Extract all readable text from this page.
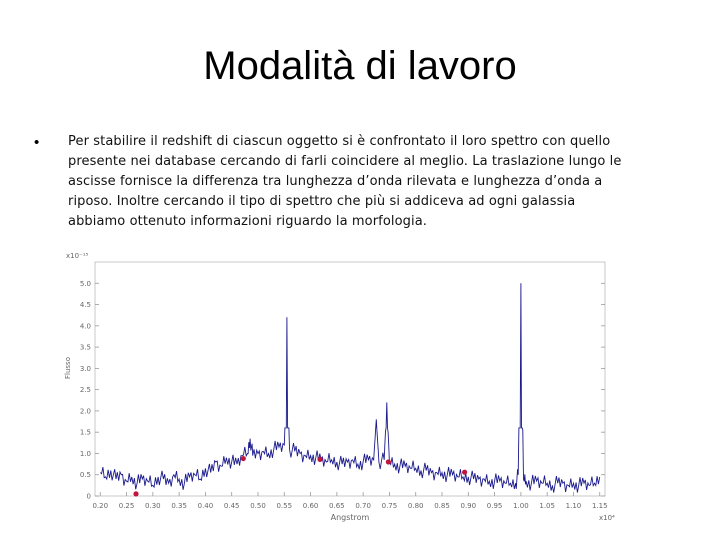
Modalità di lavoro
• Per stabilire il redshift di ciascun oggetto si è confrontato il loro spettro con quello presente nei database cercando di farli coincidere al meglio. La traslazione lungo le ascisse fornisce la differenza tra lunghezza d’onda rilevata e lunghezza d’onda a riposo. Inoltre cercando il tipo di spettro che più si addiceva ad ogni galassia abbiamo ottenuto informazioni riguardo la morfologia.
0.20 0.25 0.30 0.35 0.40 0.45 0.50 0.55 0.60 0.65 0.70 0.75 0.80 0.85 0.90 0.95 1.00 1.05 1.10 1.15
0
0.5
1.0
1.5
2.0
2.5
3.0
3.5
4.0
4.5
5.0
Angstrom
Flusso
x10⁻¹⁵
x10⁴
